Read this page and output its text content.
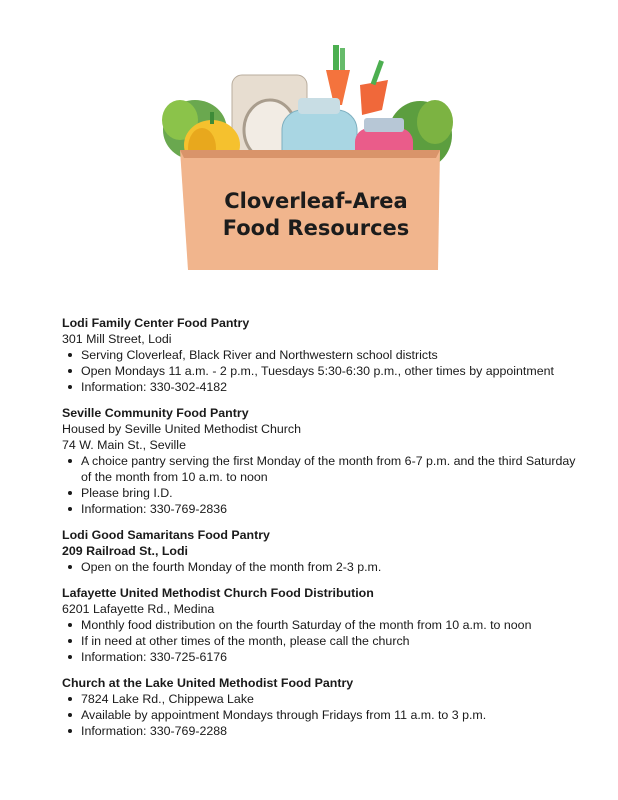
Cloverleaf-Area
Food Resources
Lodi Family Center Food Pantry
301 Mill Street, Lodi
Serving Cloverleaf, Black River and Northwestern school districts
Open Mondays 11 a.m. - 2 p.m., Tuesdays 5:30-6:30 p.m., other times by appointment
Information: 330-302-4182
Seville Community Food Pantry
Housed by Seville United Methodist Church
74 W. Main St., Seville
A choice pantry serving the first Monday of the month from 6-7 p.m. and the third Saturday of the month from 10 a.m. to noon
Please bring I.D.
Information: 330-769-2836
Lodi Good Samaritans Food Pantry
209 Railroad St., Lodi
Open on the fourth Monday of the month from 2-3 p.m.
Lafayette United Methodist Church Food Distribution
6201 Lafayette Rd., Medina
Monthly food distribution on the fourth Saturday of the month from 10 a.m. to noon
If in need at other times of the month, please call the church
Information: 330-725-6176
Church at the Lake United Methodist Food Pantry
7824 Lake Rd., Chippewa Lake
Available by appointment Mondays through Fridays from 11 a.m. to 3 p.m.
Information: 330-769-2288
